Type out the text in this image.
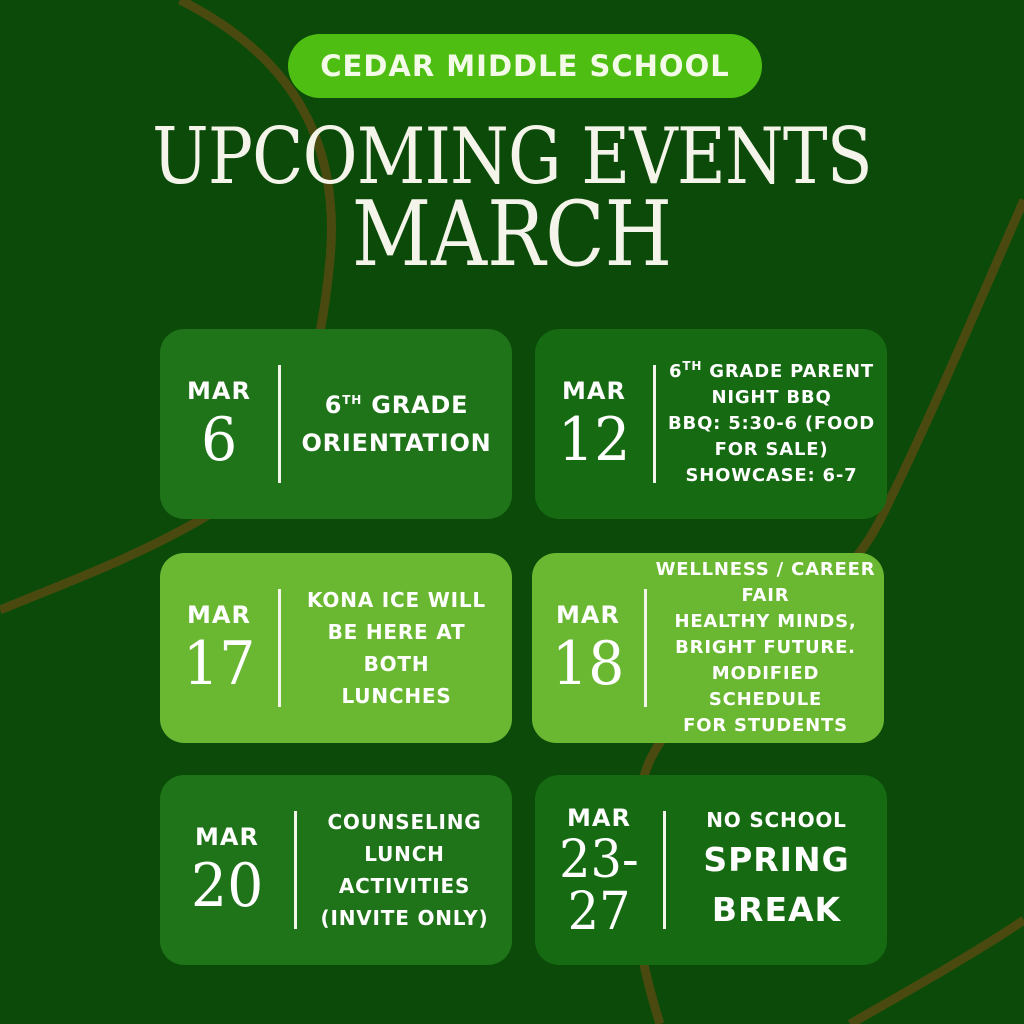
CEDAR MIDDLE SCHOOL
UPCOMING EVENTS
MARCH
MAR
6	6TH GRADE
ORIENTATION
MAR
12
6TH GRADE PARENT
NIGHT BBQ
BBQ: 5:30-6 (FOOD
FOR SALE)
SHOWCASE: 6-7
MAR
17
KONA ICE WILL
BE HERE AT
BOTH
LUNCHES
MAR
18
WELLNESS / CAREER
FAIR
HEALTHY MINDS,
BRIGHT FUTURE.
MODIFIED SCHEDULE
FOR STUDENTS
MAR
20
COUNSELING
LUNCH
ACTIVITIES
(INVITE ONLY)
MAR
23-
27
NO SCHOOL
SPRING
BREAK
